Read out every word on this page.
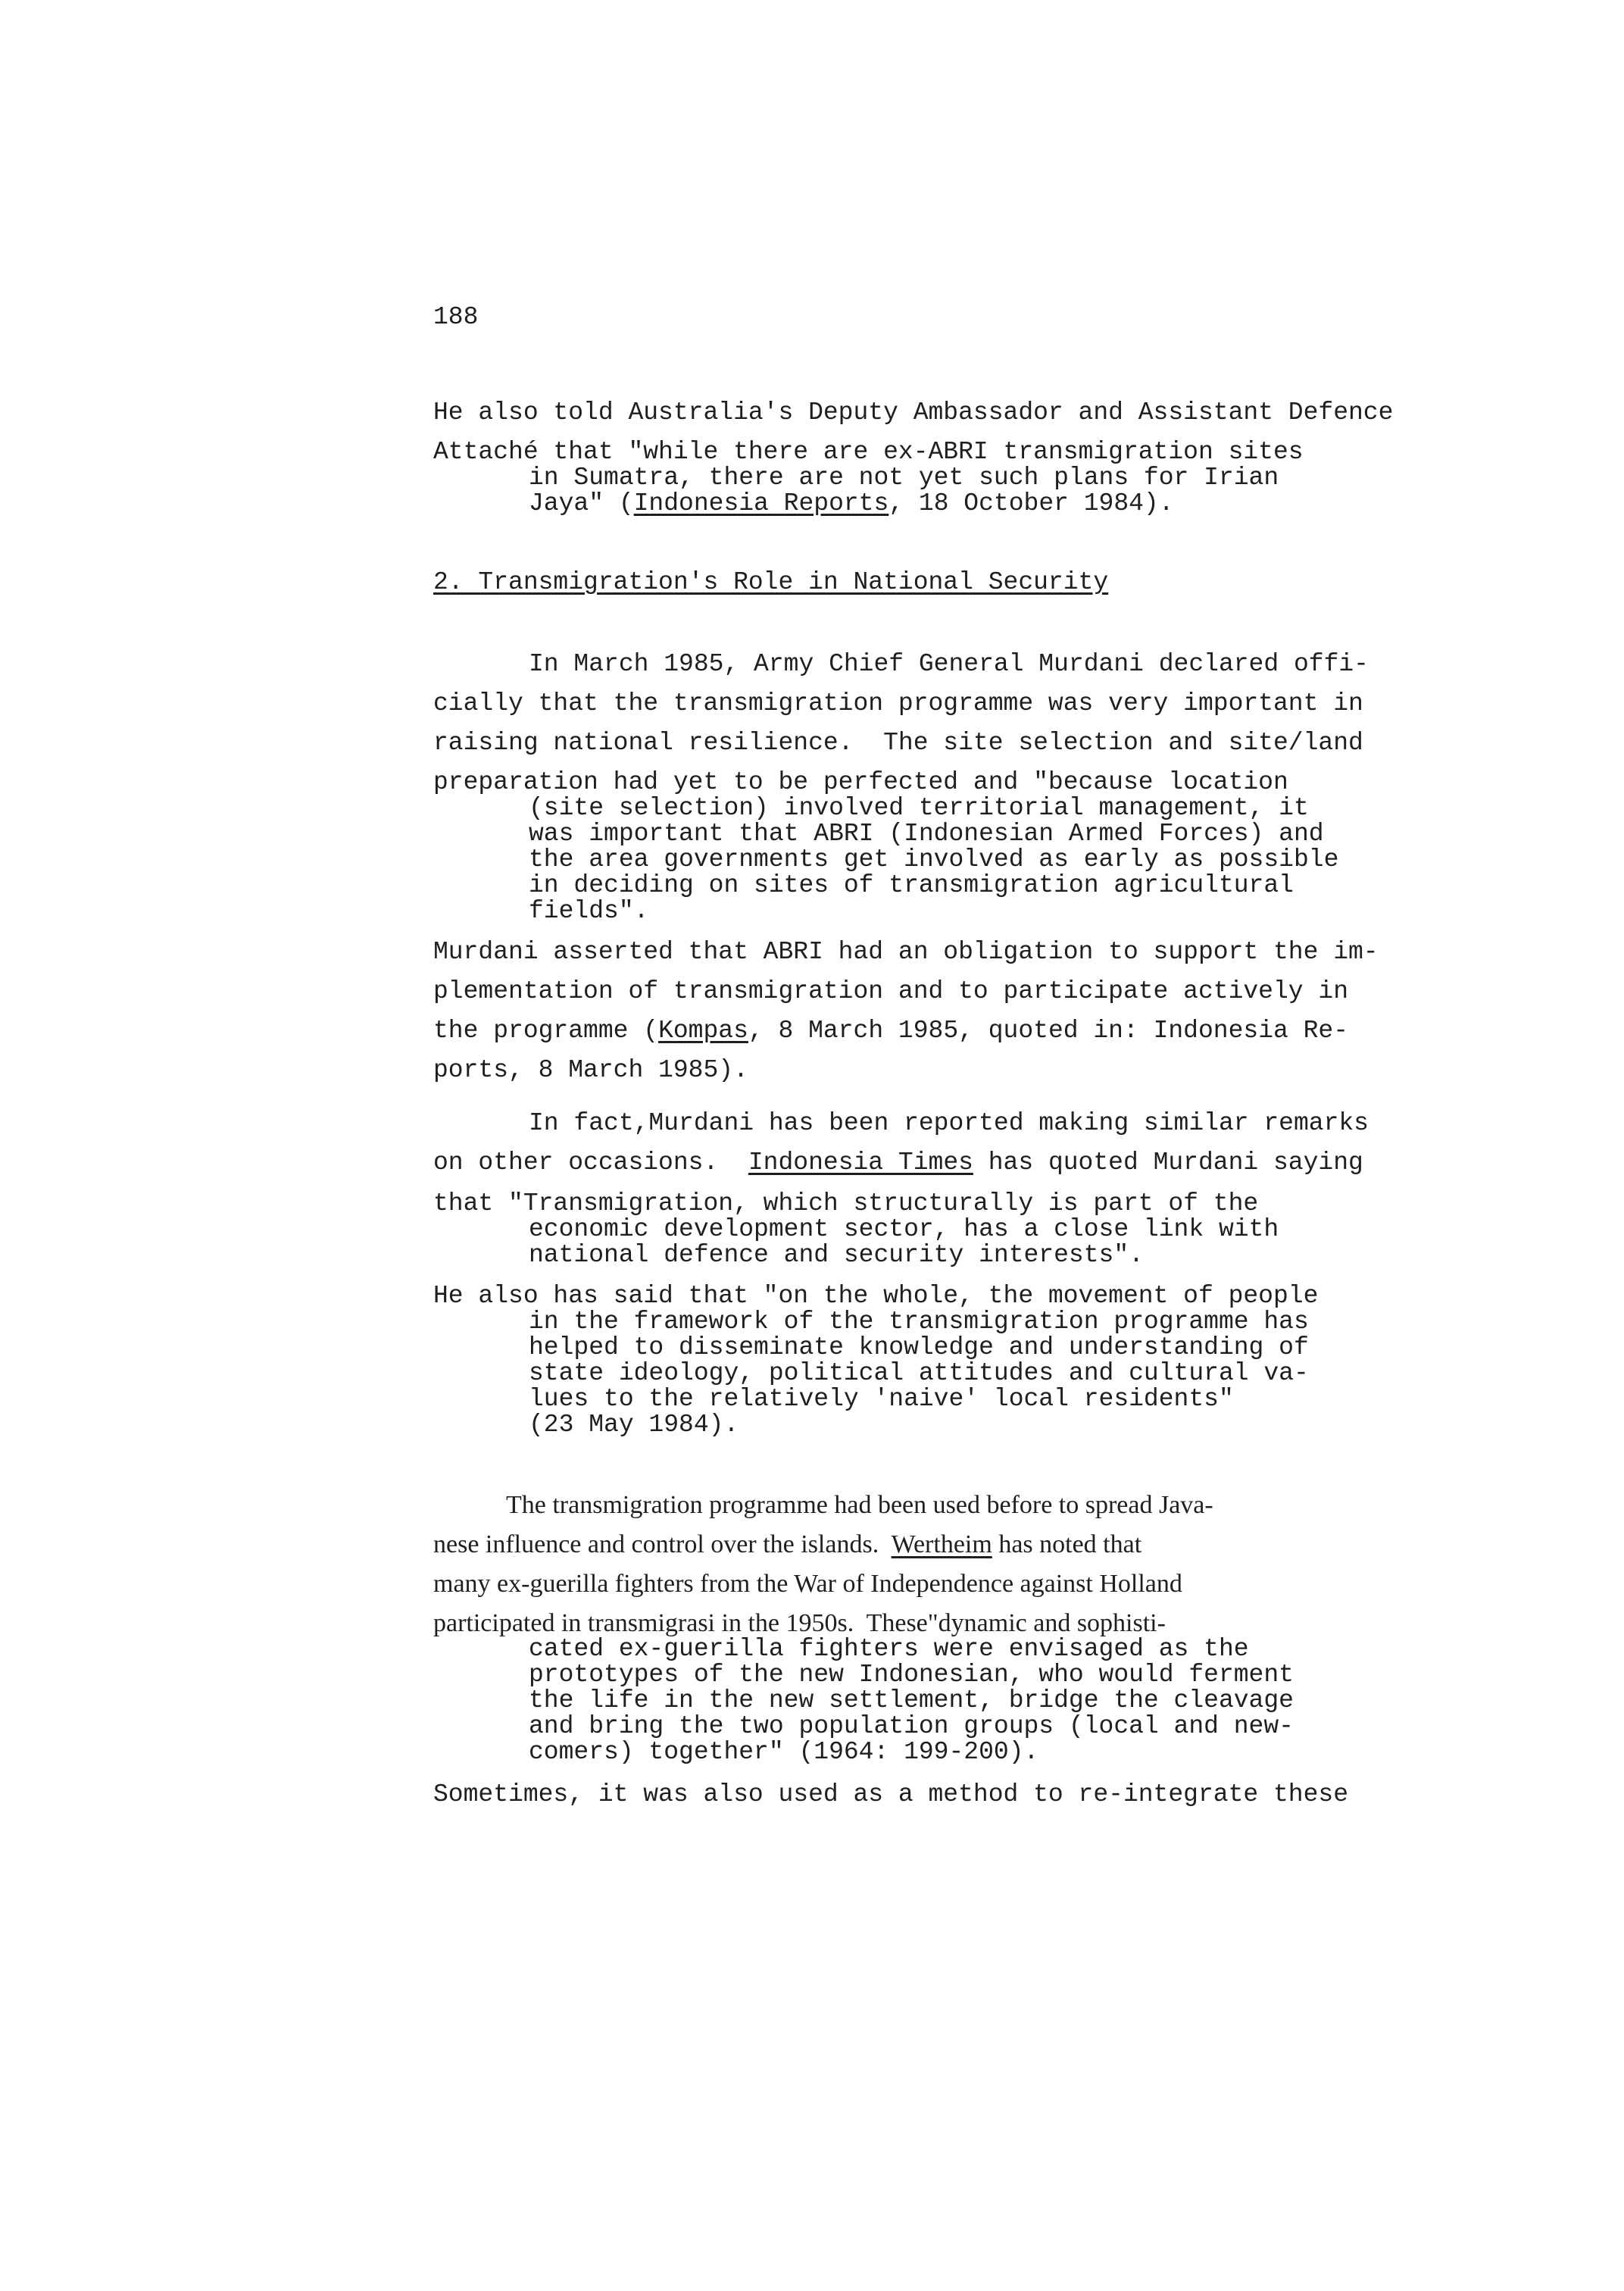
188
He also told Australia's Deputy Ambassador and Assistant Defence
Attaché that "while there are ex-ABRI transmigration sites
in Sumatra, there are not yet such plans for Irian
Jaya" (Indonesia Reports, 18 October 1984).
2. Transmigration's Role in National Security
In March 1985, Army Chief General Murdani declared offi-
cially that the transmigration programme was very important in
raising national resilience.  The site selection and site/land
preparation had yet to be perfected and "because location
(site selection) involved territorial management, it
was important that ABRI (Indonesian Armed Forces) and
the area governments get involved as early as possible
in deciding on sites of transmigration agricultural
fields".
Murdani asserted that ABRI had an obligation to support the im-
plementation of transmigration and to participate actively in
the programme (Kompas, 8 March 1985, quoted in: Indonesia Re-
ports, 8 March 1985).
In fact,Murdani has been reported making similar remarks
on other occasions.  Indonesia Times has quoted Murdani saying
that "Transmigration, which structurally is part of the
economic development sector, has a close link with
national defence and security interests".
He also has said that "on the whole, the movement of people
in the framework of the transmigration programme has
helped to disseminate knowledge and understanding of
state ideology, political attitudes and cultural va-
lues to the relatively 'naive' local residents"
(23 May 1984).
The transmigration programme had been used before to spread Java-
nese influence and control over the islands.  Wertheim has noted that
many ex-guerilla fighters from the War of Independence against Holland
participated in transmigrasi in the 1950s.  These"dynamic and sophisti-
cated ex-guerilla fighters were envisaged as the
prototypes of the new Indonesian, who would ferment
the life in the new settlement, bridge the cleavage
and bring the two population groups (local and new-
comers) together" (1964: 199-200).
Sometimes, it was also used as a method to re-integrate these
